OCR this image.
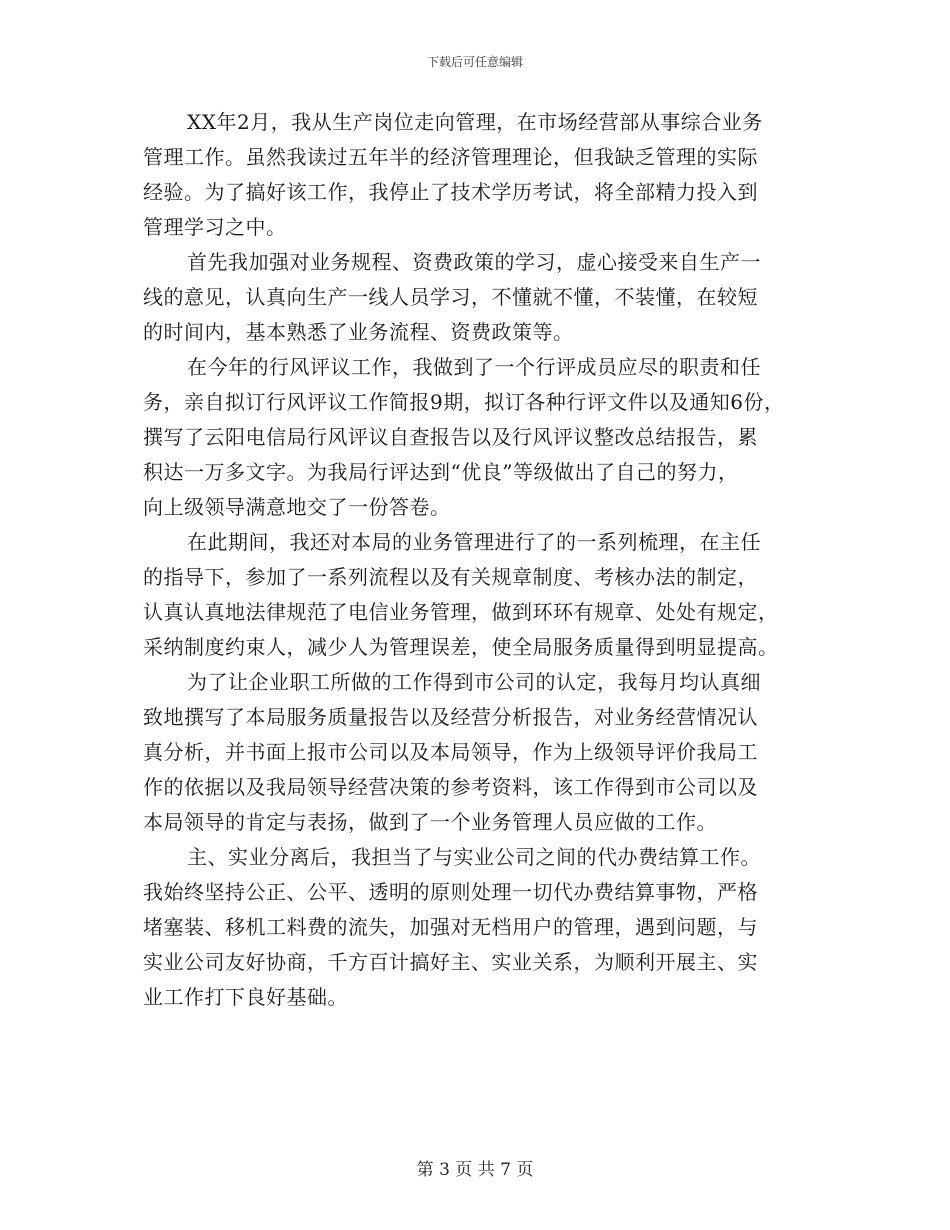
下载后可任意编辑
XX年2月，我从生产岗位走向管理，在市场经营部从事综合业务
管理工作。虽然我读过五年半的经济管理理论，但我缺乏管理的实际
经验。为了搞好该工作，我停止了技术学历考试，将全部精力投入到
管理学习之中。
首先我加强对业务规程、资费政策的学习，虚心接受来自生产一
线的意见，认真向生产一线人员学习，不懂就不懂，不装懂，在较短
的时间内，基本熟悉了业务流程、资费政策等。
在今年的行风评议工作，我做到了一个行评成员应尽的职责和任
务，亲自拟订行风评议工作简报9期，拟订各种行评文件以及通知6份，
撰写了云阳电信局行风评议自查报告以及行风评议整改总结报告，累
积达一万多文字。为我局行评达到“优良”等级做出了自己的努力，
向上级领导满意地交了一份答卷。
在此期间，我还对本局的业务管理进行了的一系列梳理，在主任
的指导下，参加了一系列流程以及有关规章制度、考核办法的制定，
认真认真地法律规范了电信业务管理，做到环环有规章、处处有规定，
采纳制度约束人，减少人为管理误差，使全局服务质量得到明显提高。
为了让企业职工所做的工作得到市公司的认定，我每月均认真细
致地撰写了本局服务质量报告以及经营分析报告，对业务经营情况认
真分析，并书面上报市公司以及本局领导，作为上级领导评价我局工
作的依据以及我局领导经营决策的参考资料，该工作得到市公司以及
本局领导的肯定与表扬，做到了一个业务管理人员应做的工作。
主、实业分离后，我担当了与实业公司之间的代办费结算工作。
我始终坚持公正、公平、透明的原则处理一切代办费结算事物，严格
堵塞装、移机工料费的流失，加强对无档用户的管理，遇到问题，与
实业公司友好协商，千方百计搞好主、实业关系，为顺利开展主、实
业工作打下良好基础。
第 3 页 共 7 页
